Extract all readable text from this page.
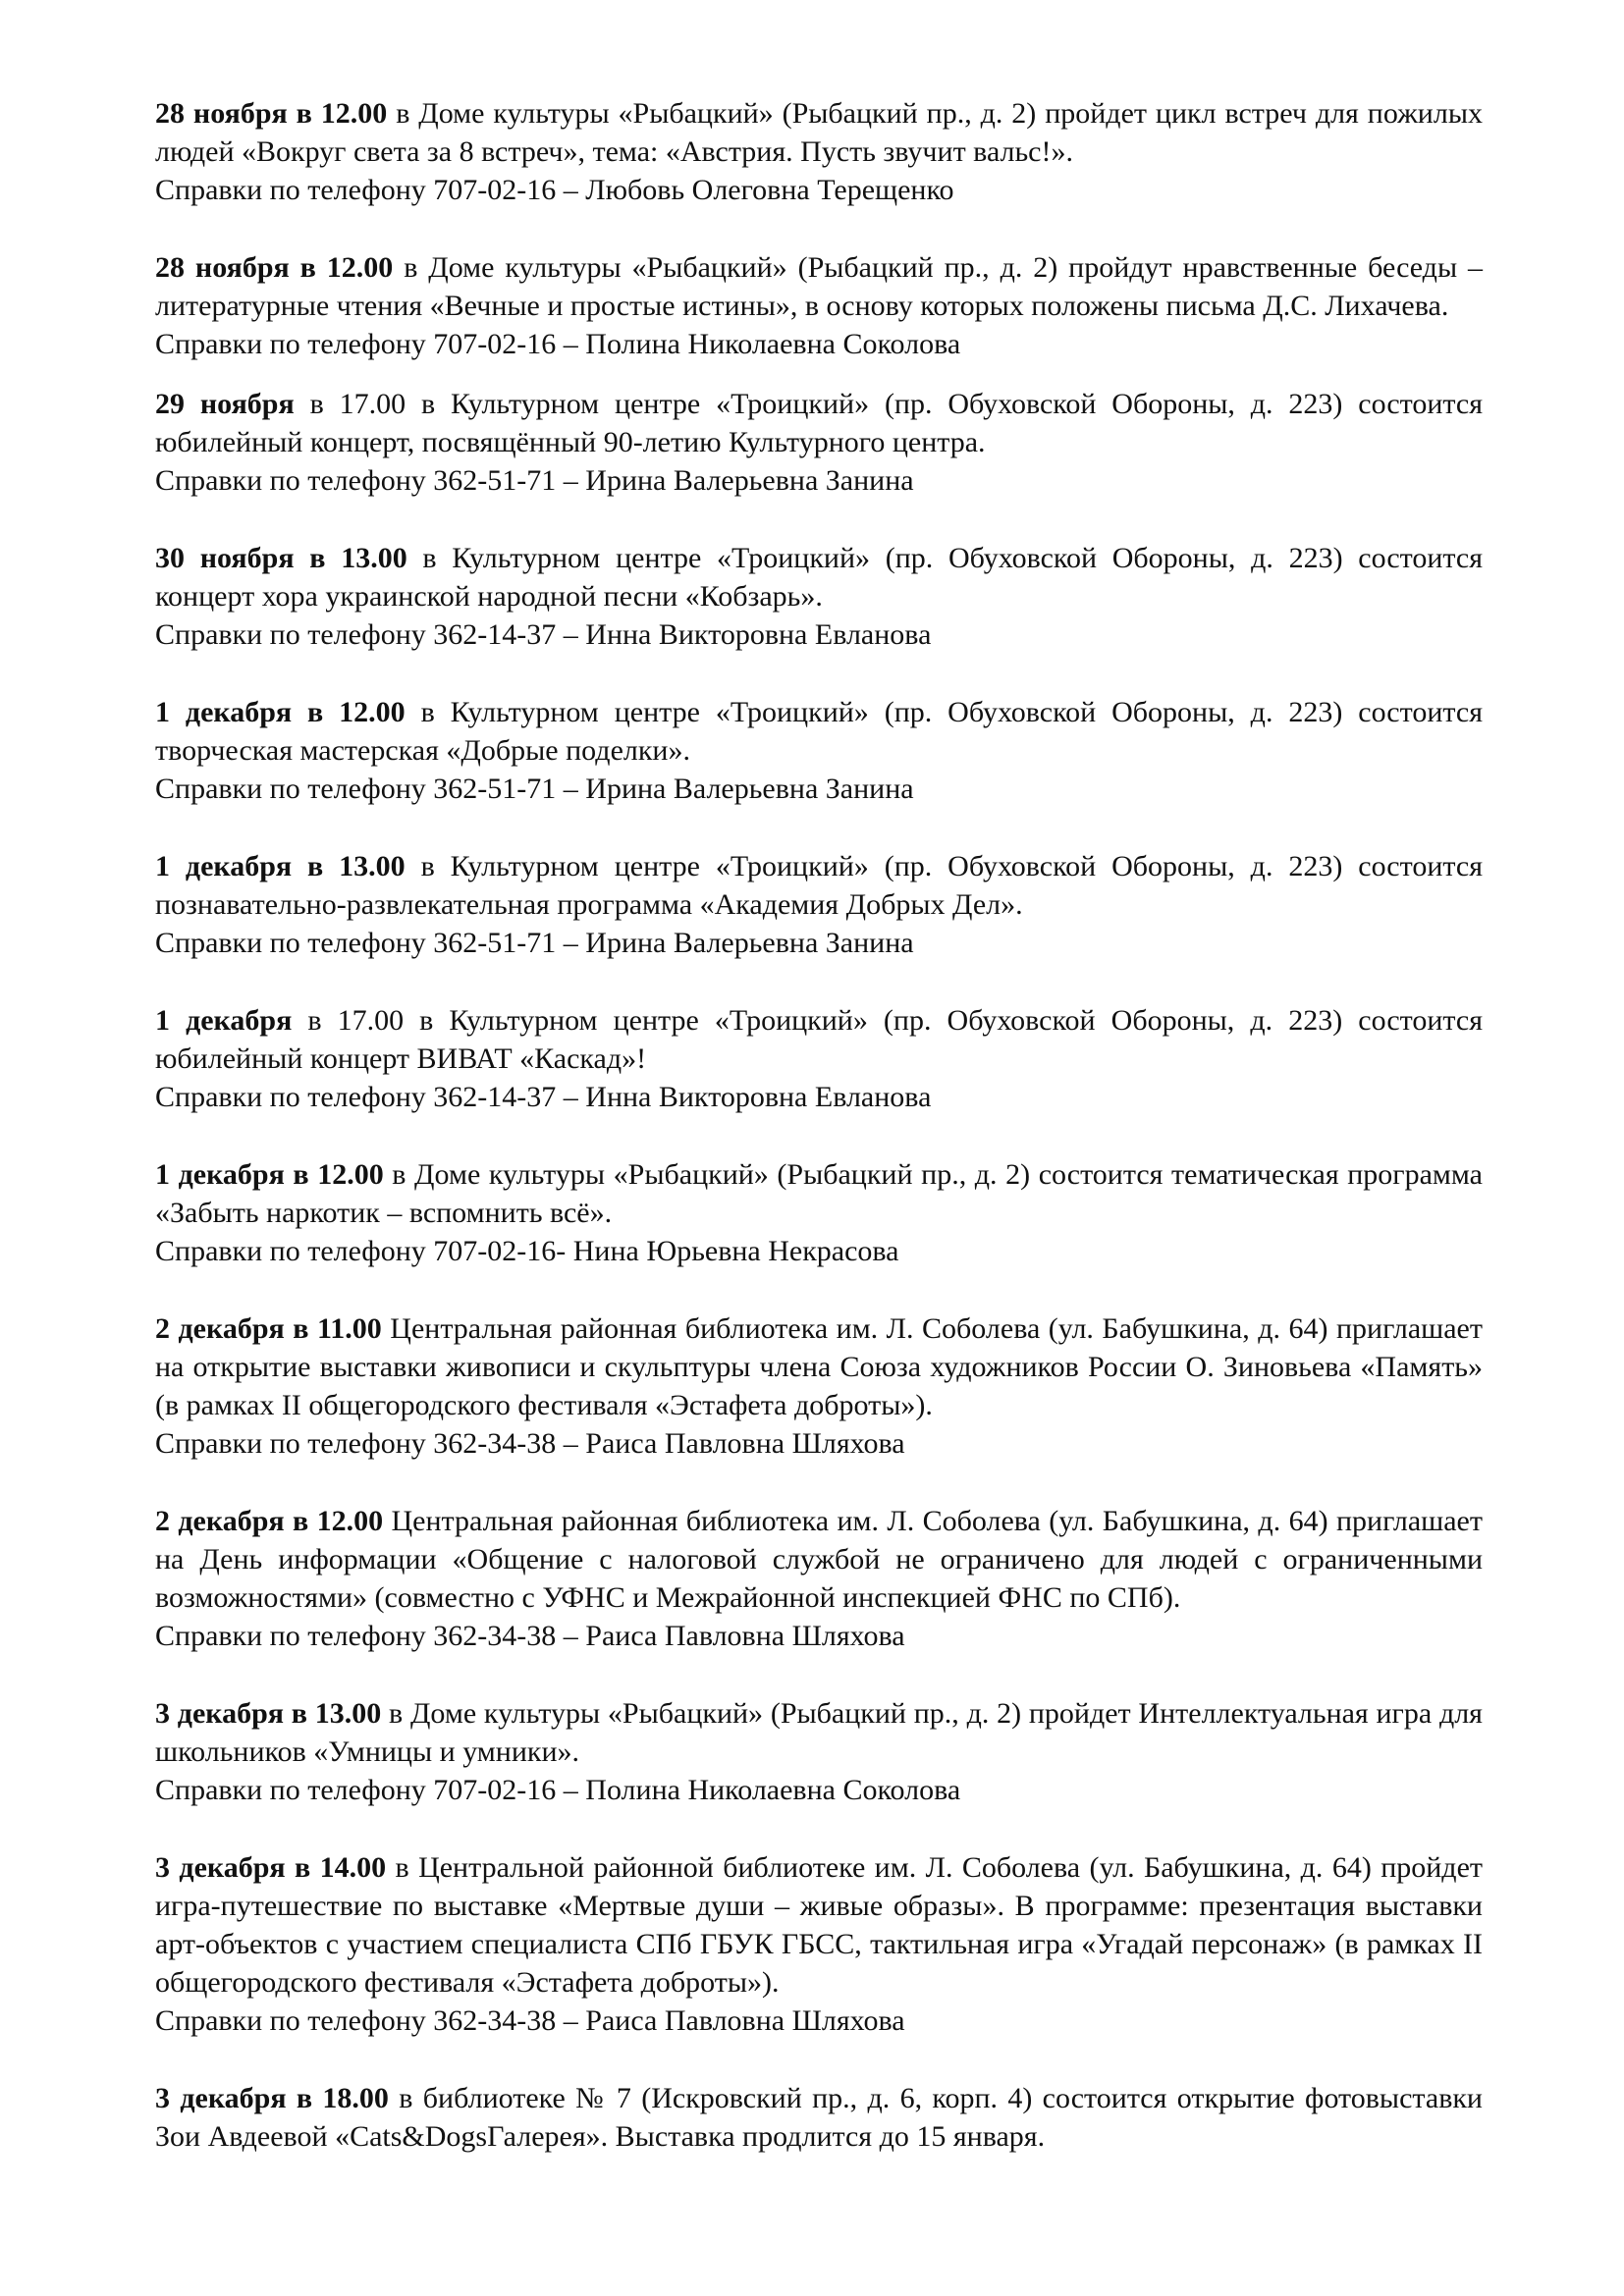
28 ноября в 12.00 в Доме культуры «Рыбацкий» (Рыбацкий пр., д. 2) пройдет цикл встреч для пожилых людей «Вокруг света за 8 встреч», тема: «Австрия. Пусть звучит вальс!».

Справки по телефону 707-02-16 – Любовь Олеговна Терещенко

28 ноября в 12.00 в Доме культуры «Рыбацкий» (Рыбацкий пр., д. 2) пройдут нравственные беседы – литературные чтения «Вечные и простые истины», в основу которых положены письма Д.С. Лихачева.

Справки по телефону 707-02-16 – Полина Николаевна Соколова

29 ноября в 17.00 в Культурном центре «Троицкий» (пр. Обуховской Обороны, д. 223) состоится юбилейный концерт, посвящённый 90-летию Культурного центра.

Справки по телефону 362-51-71 – Ирина Валерьевна Занина

30 ноября в 13.00 в Культурном центре «Троицкий» (пр. Обуховской Обороны, д. 223) состоится концерт хора украинской народной песни «Кобзарь».

Справки по телефону 362-14-37 – Инна Викторовна Евланова

1 декабря в 12.00 в Культурном центре «Троицкий» (пр. Обуховской Обороны, д. 223) состоится творческая мастерская «Добрые поделки».

Справки по телефону 362-51-71 – Ирина Валерьевна Занина

1 декабря в 13.00 в Культурном центре «Троицкий» (пр. Обуховской Обороны, д. 223) состоится познавательно-развлекательная программа «Академия Добрых Дел».

Справки по телефону 362-51-71 – Ирина Валерьевна Занина

1 декабря в 17.00 в Культурном центре «Троицкий» (пр. Обуховской Обороны, д. 223) состоится юбилейный концерт ВИВАТ «Каскад»!

Справки по телефону 362-14-37 – Инна Викторовна Евланова

1 декабря в 12.00 в Доме культуры «Рыбацкий» (Рыбацкий пр., д. 2) состоится тематическая программа «Забыть наркотик – вспомнить всё».

Справки по телефону 707-02-16- Нина Юрьевна Некрасова

2 декабря в 11.00 Центральная районная библиотека им. Л. Соболева (ул. Бабушкина, д. 64) приглашает на открытие выставки живописи и скульптуры члена Союза художников России О. Зиновьева «Память» (в рамках II общегородского фестиваля «Эстафета доброты»).

Справки по телефону 362-34-38 – Раиса Павловна Шляхова

2 декабря в 12.00 Центральная районная библиотека им. Л. Соболева (ул. Бабушкина, д. 64) приглашает на День информации «Общение с налоговой службой не ограничено для людей с ограниченными возможностями» (совместно с УФНС и Межрайонной инспекцией ФНС по СПб).

Справки по телефону 362-34-38 – Раиса Павловна Шляхова

3 декабря в 13.00 в Доме культуры «Рыбацкий» (Рыбацкий пр., д. 2) пройдет Интеллектуальная игра для школьников «Умницы и умники».

Справки по телефону 707-02-16 – Полина Николаевна Соколова

3 декабря в 14.00 в Центральной районной библиотеке им. Л. Соболева (ул. Бабушкина, д. 64) пройдет игра-путешествие по выставке «Мертвые души – живые образы». В программе: презентация выставки арт-объектов с участием специалиста СПб ГБУК ГБСС, тактильная игра «Угадай персонаж» (в рамках II общегородского фестиваля «Эстафета доброты»).

Справки по телефону 362-34-38 – Раиса Павловна Шляхова

3 декабря в 18.00 в библиотеке № 7 (Искровский пр., д. 6, корп. 4) состоится открытие фотовыставки Зои Авдеевой «Cats&DogsГалерея». Выставка продлится до 15 января.
